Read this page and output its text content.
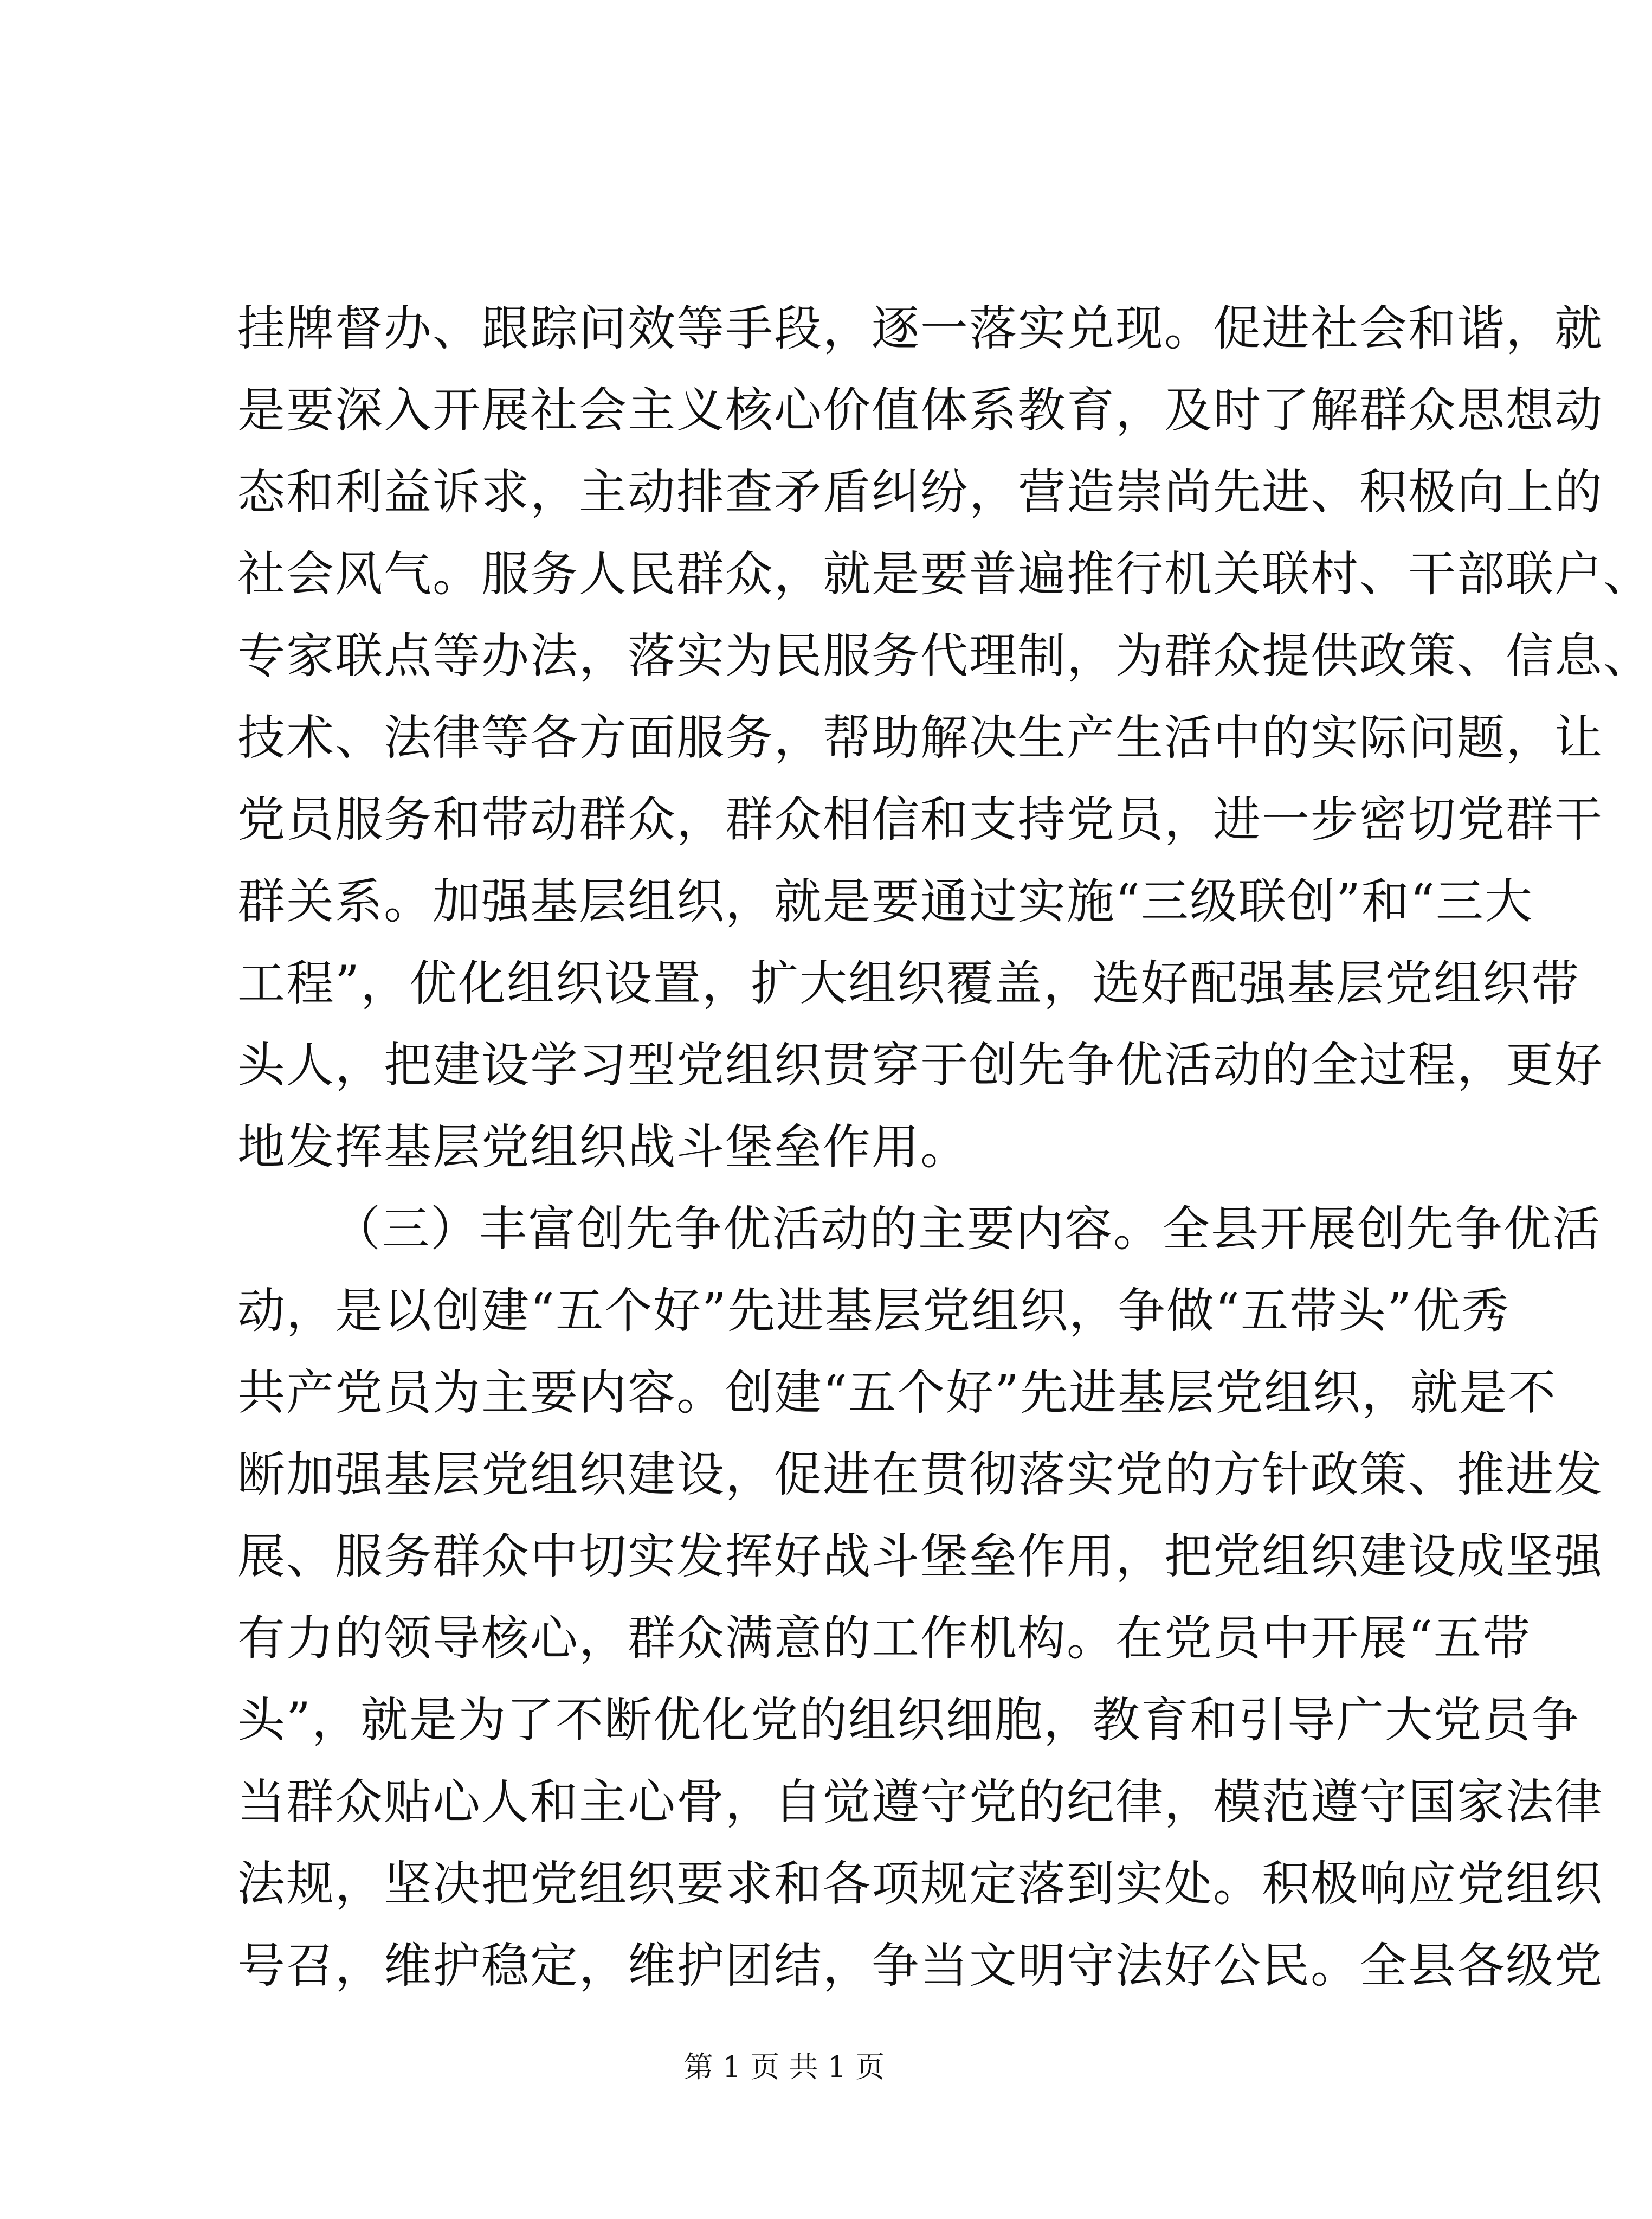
挂牌督办、跟踪问效等手段，逐一落实兑现。促进社会和谐，就
是要深入开展社会主义核心价值体系教育，及时了解群众思想动
态和利益诉求，主动排查矛盾纠纷，营造崇尚先进、积极向上的
社会风气。服务人民群众，就是要普遍推行机关联村、干部联户、
专家联点等办法，落实为民服务代理制，为群众提供政策、信息、
技术、法律等各方面服务，帮助解决生产生活中的实际问题，让
党员服务和带动群众，群众相信和支持党员，进一步密切党群干
群关系。加强基层组织，就是要通过实施“三级联创”和“三大
工程”，优化组织设置，扩大组织覆盖，选好配强基层党组织带
头人，把建设学习型党组织贯穿于创先争优活动的全过程，更好
地发挥基层党组织战斗堡垒作用。
（三）丰富创先争优活动的主要内容。全县开展创先争优活
动，是以创建“五个好”先进基层党组织，争做“五带头”优秀
共产党员为主要内容。创建“五个好”先进基层党组织，就是不
断加强基层党组织建设，促进在贯彻落实党的方针政策、推进发
展、服务群众中切实发挥好战斗堡垒作用，把党组织建设成坚强
有力的领导核心，群众满意的工作机构。在党员中开展“五带
头”，就是为了不断优化党的组织细胞，教育和引导广大党员争
当群众贴心人和主心骨，自觉遵守党的纪律，模范遵守国家法律
法规，坚决把党组织要求和各项规定落到实处。积极响应党组织
号召，维护稳定，维护团结，争当文明守法好公民。全县各级党
第 1 页 共 1 页
